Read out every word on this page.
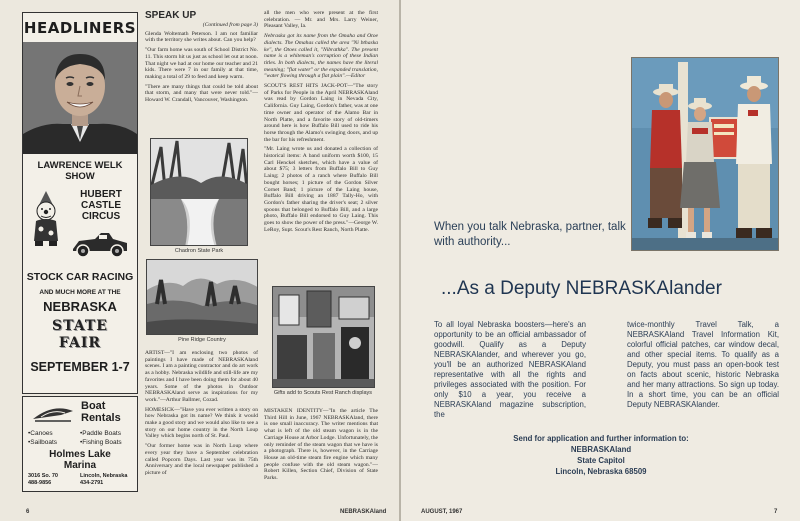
HEADLINERS
LAWRENCE WELK SHOW
HUBERT CASTLE CIRCUS
STOCK CAR RACING
AND MUCH MORE AT THE
NEBRASKA
STATE
FAIR
SEPTEMBER 1-7
Boat
Rentals
•Canoes	•Paddle Boats
•Sailboats	•Fishing Boats
Holmes Lake
Marina
3016 So. 70	Lincoln, Nebraska
488-9856	434-2791
SPEAK UP
(Continued from page 3)

Glenda Woltemath Peterson. I am not familiar with the territory she writes about. Can you help?

"Our farm home was south of School District No. 11. This storm hit us just as school let out at noon. That night we had at our home our teacher and 21 kids. There were 7 in our family at that time, making a total of 29 to feed and keep warm.

"There are many things that could be told about that storm, and many that were never told."—Howard W. Crandall, Vancouver, Washington.

Chadron State Park
Pine Ridge Country

ARTIST—"I am enclosing two photos of paintings I have made of NEBRASKAland scenes. I am a painting contractor and do art work as a hobby. Nebraska wildlife and still-life are my favorites and I have been doing them for about 40 years. Some of the photos in Outdoor NEBRASKAland serve as inspirations for my work."—Arthur Ballmer, Cozad.

HOMESICK—"Have you ever written a story on how Nebraska got its name? We think it would make a good story and we would also like to see a story on our home country in the North Loup Valley which begins north of St. Paul.

"Our former home was in North Loup where every year they have a September celebration called Popcorn Days. Last year was its 75th Anniversary and the local newspaper published a picture of

all the men who were present at the first celebration. — Mr. and Mrs. Larry Weiner, Pleasant Valley, Ia.

Nebraska got its name from the Omaha and Otoe dialects. The Omahas called the area "Ni bthaska ke", the Otoes called it, "Nibrathka". The present name is a whiteman's corruption of these Indian titles. In both dialects, the names have the literal meaning; "flat water" or the expanded translation, "water flowing through a flat plain".—Editor

SCOUT'S REST HITS JACK-POT—"The story of Parks for People in the April NEBRASKAland was read by Gordon Laing in Nevada City, California. Guy Laing, Gordon's father, was at one time owner and operator of the Alamo Bar in North Platte, and a favorite story of old-timers around here is how Buffalo Bill used to ride his horse through the Alamo's swinging doors, and up the bar for his refreshment.

"Mr. Laing wrote us and donated a collection of historical items: A band uniform worth $100, 15 Carl Henckel sketches, which have a value of about $75; 3 letters from Buffalo Bill to Guy Laing; 2 photos of a ranch where Buffalo Bill bought horses; 1 picture of the Gordon Silver Cornet Band; 1 picture of the Laing house, Buffalo Bill driving an 1887 Tally-Ho, with Gordon's father sharing the driver's seat; 2 silver spoons that belonged to Buffalo Bill, and a large photo, Buffalo Bill endorsed to Guy Laing. This goes to show the power of the press."—George W. LeRoy, Supt. Scout's Rest Ranch, North Platte.

Gifts add to Scouts Rest Ranch displays

MISTAKEN IDENTITY—"In the article The Third Hill in June, 1967 NEBRASKAland, there is one small inaccuracy. The writer mentions that what is left of the old steam wagon is in the Carriage House at Arbor Lodge. Unfortunately, the only reminder of the steam wagon that we have is a photograph. There is, however, in the Carriage House an old-time steam fire engine which many people confuse with the old steam wagon."—Robert Killen, Section Chief, Division of State Parks.

6	NEBRASKAland
When you talk Nebraska, partner, talk with authority...
...As a Deputy NEBRASKAlander
To all loyal Nebraska boosters—here's an opportunity to be an official ambassador of goodwill. Qualify as a Deputy NEBRASKAlander, and wherever you go, you'll be an authorized NEBRASKAland representative with all the rights and privileges associated with the position. For only $10 a year, you receive a NEBRASKAland magazine subscription, the
twice-monthly Travel Talk, a NEBRASKAland Travel Information Kit, colorful official patches, car window decal, and other special items. To qualify as a Deputy, you must pass an open-book test on facts about scenic, historic Nebraska and her many attractions. So sign up today. In a short time, you can be an official Deputy NEBRASKAlander.
Send for application and further information to:
NEBRASKAland
State Capitol
Lincoln, Nebraska 68509
AUGUST, 1967	7
